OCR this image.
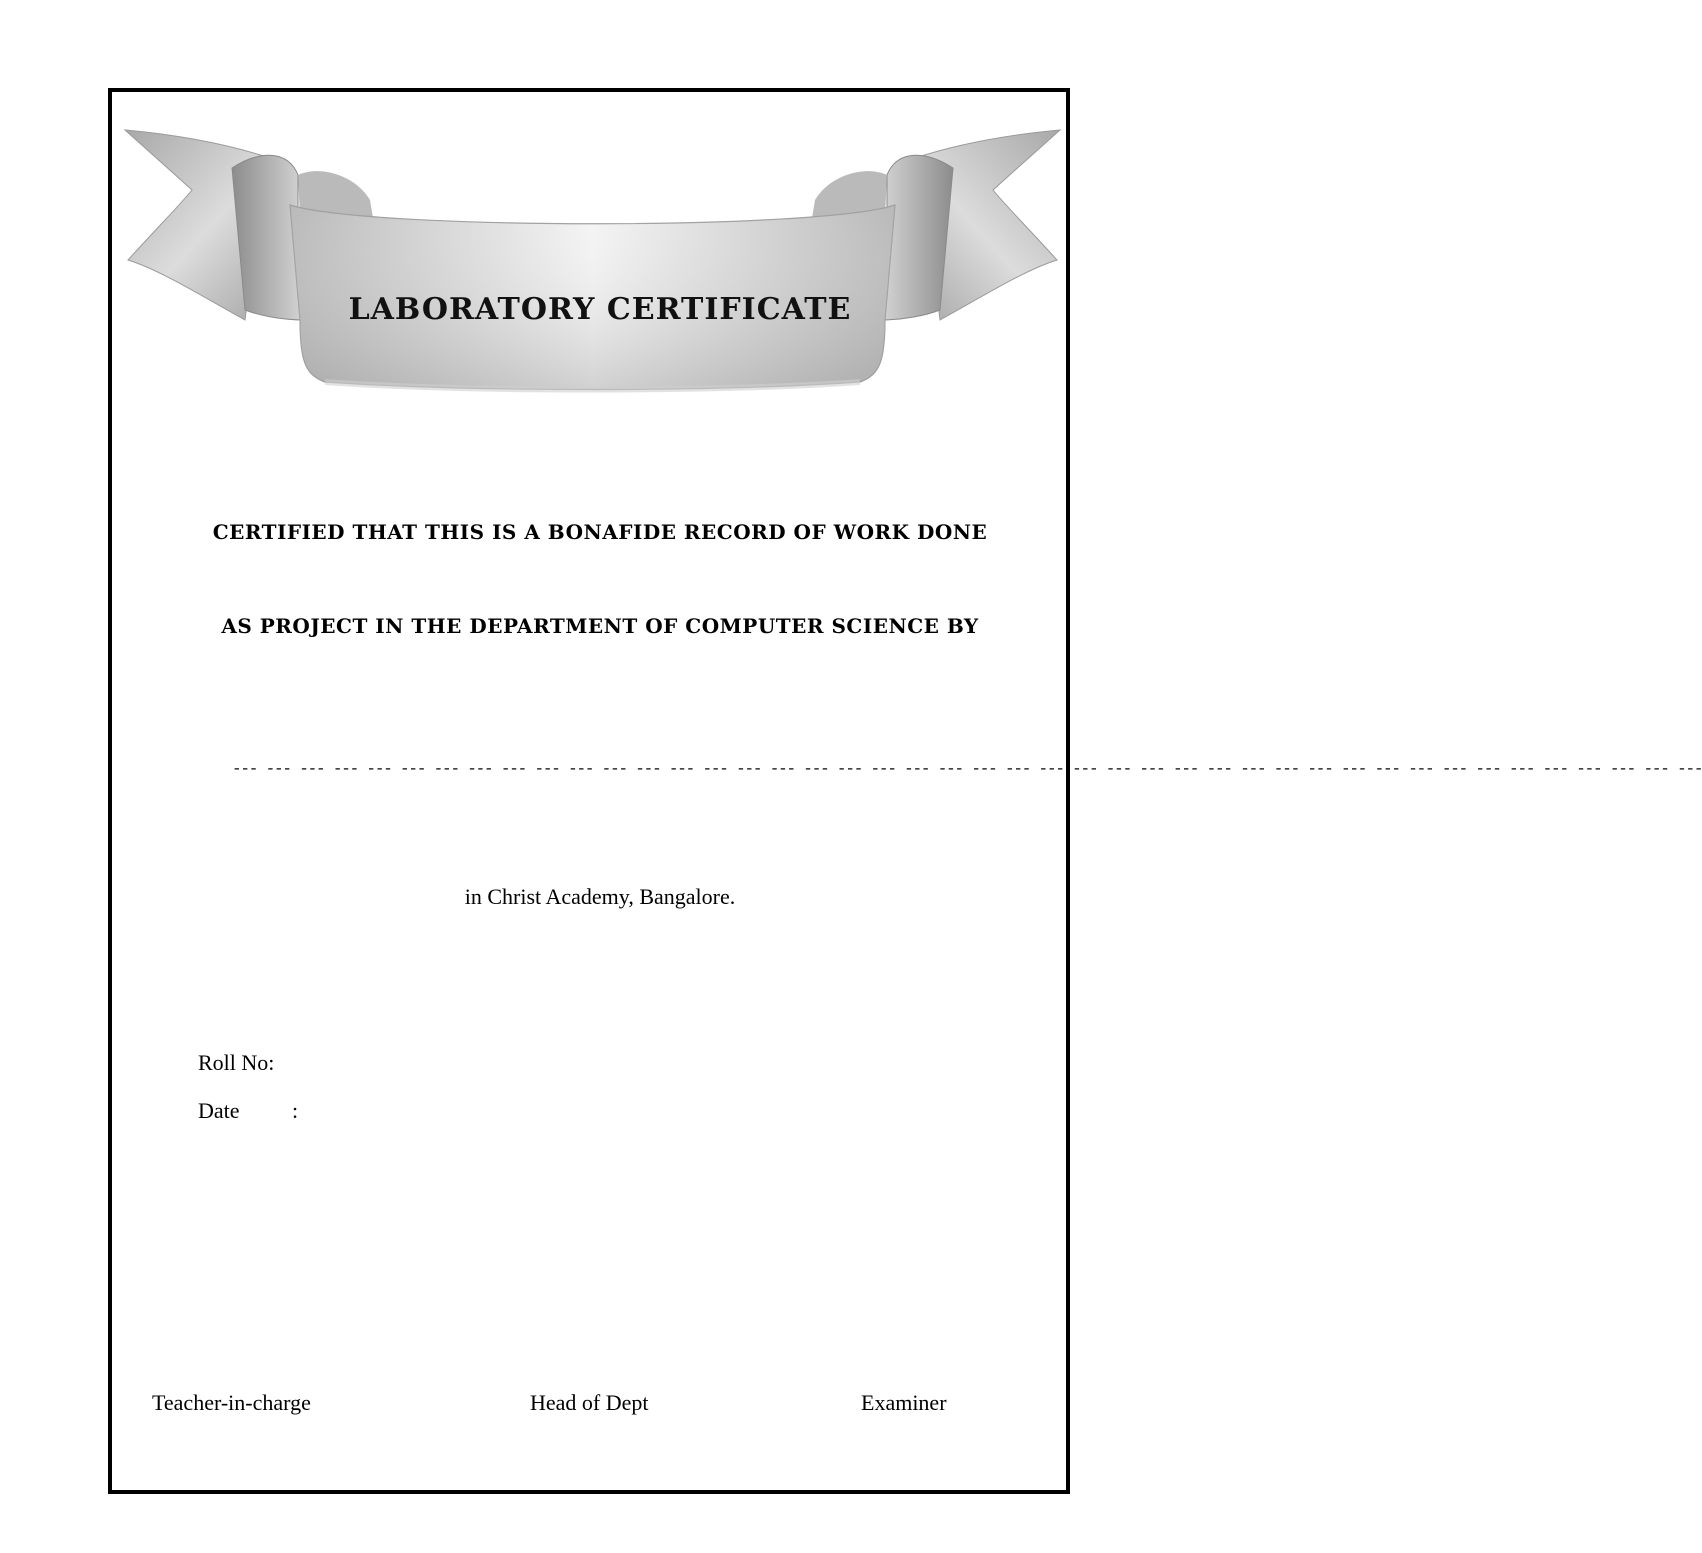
LABORATORY CERTIFICATE
CERTIFIED THAT THIS IS A BONAFIDE RECORD OF WORK DONE
AS PROJECT IN THE DEPARTMENT OF COMPUTER SCIENCE BY
--- --- --- --- --- --- --- --- --- --- --- --- --- --- --- --- --- --- --- --- --- --- --- --- --- --- --- --- --- --- --- --- --- --- --- --- --- --- --- --- --- --- --- ---
in Christ Academy, Bangalore.
Roll No:
Date :
Teacher-in-charge	Head of Dept	Examiner
